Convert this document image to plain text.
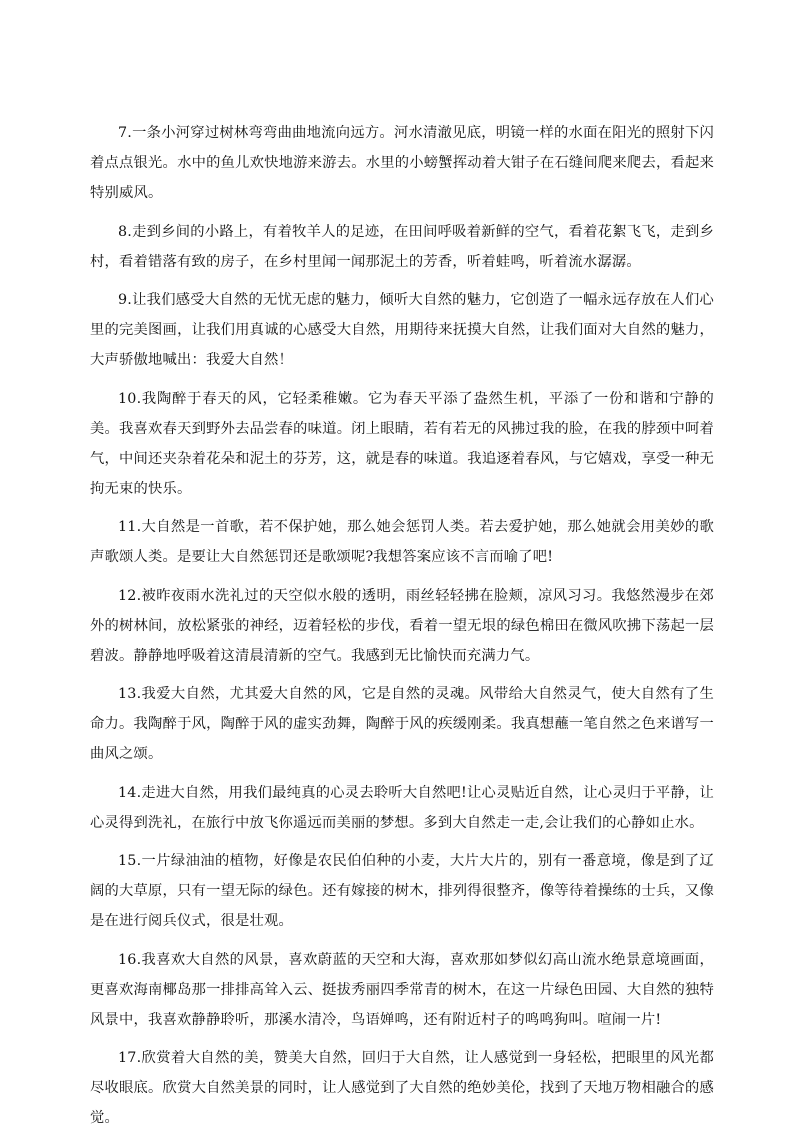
7.一条小河穿过树林弯弯曲曲地流向远方。河水清澈见底，明镜一样的水面在阳光的照射下闪着点点银光。水中的鱼儿欢快地游来游去。水里的小螃蟹挥动着大钳子在石缝间爬来爬去，看起来特别威风。

8.走到乡间的小路上，有着牧羊人的足迹，在田间呼吸着新鲜的空气，看着花絮飞飞，走到乡村，看着错落有致的房子，在乡村里闻一闻那泥土的芳香，听着蛙鸣，听着流水潺潺。

9.让我们感受大自然的无忧无虑的魅力，倾听大自然的魅力，它创造了一幅永远存放在人们心里的完美图画，让我们用真诚的心感受大自然，用期待来抚摸大自然，让我们面对大自然的魅力，大声骄傲地喊出：我爱大自然！

10.我陶醉于春天的风，它轻柔稚嫩。它为春天平添了盎然生机，平添了一份和谐和宁静的美。我喜欢春天到野外去品尝春的味道。闭上眼睛，若有若无的风拂过我的脸，在我的脖颈中呵着气，中间还夹杂着花朵和泥土的芬芳，这，就是春的味道。我追逐着春风，与它嬉戏，享受一种无拘无束的快乐。

11.大自然是一首歌，若不保护她，那么她会惩罚人类。若去爱护她，那么她就会用美妙的歌声歌颂人类。是要让大自然惩罚还是歌颂呢?我想答案应该不言而喻了吧!

12.被昨夜雨水洗礼过的天空似水般的透明，雨丝轻轻拂在脸颊，凉风习习。我悠然漫步在郊外的树林间，放松紧张的神经，迈着轻松的步伐，看着一望无垠的绿色棉田在微风吹拂下荡起一层碧波。静静地呼吸着这清晨清新的空气。我感到无比愉快而充满力气。

13.我爱大自然，尤其爱大自然的风，它是自然的灵魂。风带给大自然灵气，使大自然有了生命力。我陶醉于风，陶醉于风的虚实劲舞，陶醉于风的疾缓刚柔。我真想蘸一笔自然之色来谱写一曲风之颂。

14.走进大自然，用我们最纯真的心灵去聆听大自然吧!让心灵贴近自然，让心灵归于平静，让心灵得到洗礼，在旅行中放飞你遥远而美丽的梦想。多到大自然走一走,会让我们的心静如止水。

15.一片绿油油的植物，好像是农民伯伯种的小麦，大片大片的，别有一番意境，像是到了辽阔的大草原，只有一望无际的绿色。还有嫁接的树木，排列得很整齐，像等待着操练的士兵，又像是在进行阅兵仪式，很是壮观。

16.我喜欢大自然的风景，喜欢蔚蓝的天空和大海，喜欢那如梦似幻高山流水绝景意境画面，更喜欢海南椰岛那一排排高耸入云、挺拔秀丽四季常青的树木，在这一片绿色田园、大自然的独特风景中，我喜欢静静聆听，那溪水清冷，鸟语婵鸣，还有附近村子的鸣鸣狗叫。喧闹一片!

17.欣赏着大自然的美，赞美大自然，回归于大自然，让人感觉到一身轻松，把眼里的风光都尽收眼底。欣赏大自然美景的同时，让人感觉到了大自然的绝妙美伦，找到了天地万物相融合的感觉。
